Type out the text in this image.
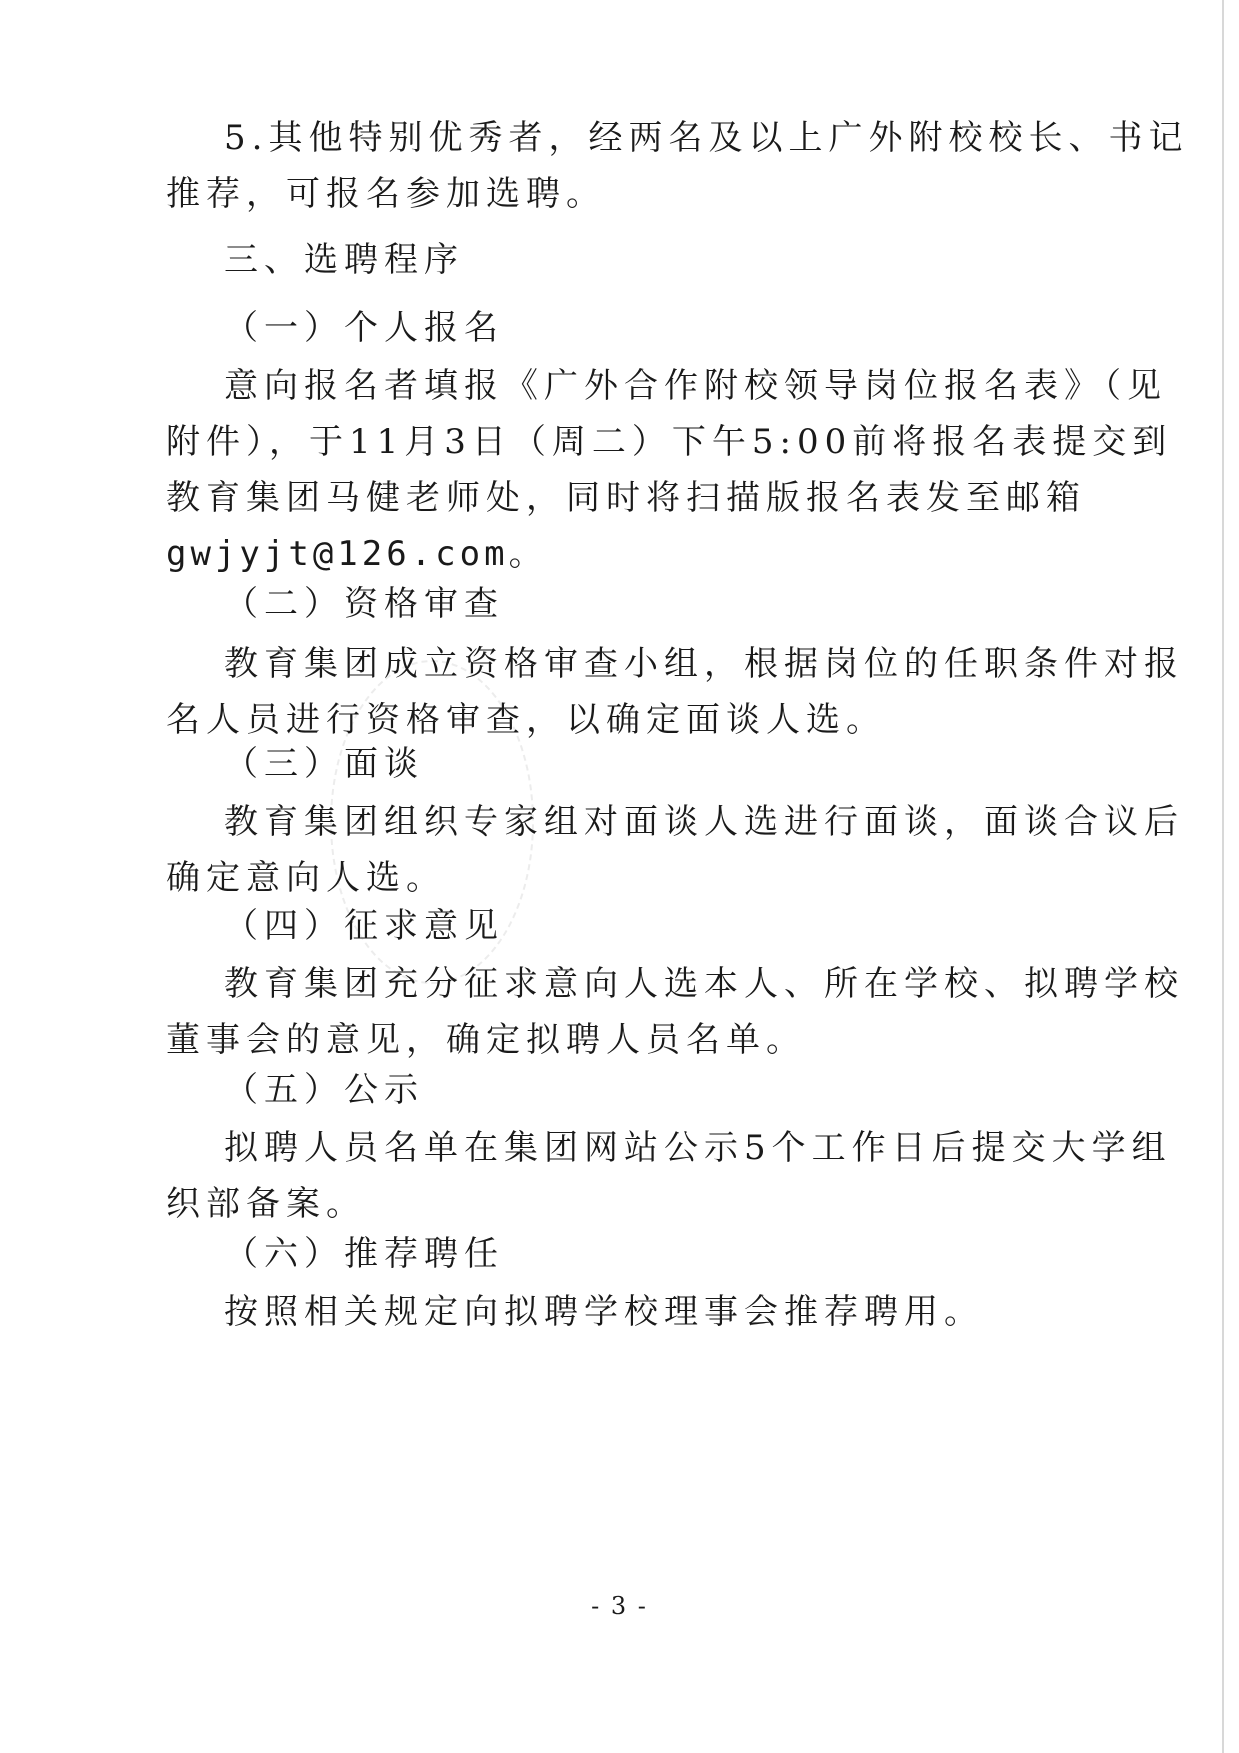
5.其他特别优秀者，经两名及以上广外附校校长、书记
推荐，可报名参加选聘。
三、选聘程序
（一）个人报名
意向报名者填报《广外合作附校领导岗位报名表》（见
附件），于11月3日（周二）下午5:00前将报名表提交到
教育集团马健老师处，同时将扫描版报名表发至邮箱
gwjyjt@126.com。
（二）资格审查
教育集团成立资格审查小组，根据岗位的任职条件对报
名人员进行资格审查，以确定面谈人选。
（三）面谈
教育集团组织专家组对面谈人选进行面谈，面谈合议后
确定意向人选。
（四）征求意见
教育集团充分征求意向人选本人、所在学校、拟聘学校
董事会的意见，确定拟聘人员名单。
（五）公示
拟聘人员名单在集团网站公示5个工作日后提交大学组
织部备案。
（六）推荐聘任
按照相关规定向拟聘学校理事会推荐聘用。
- 3 -
